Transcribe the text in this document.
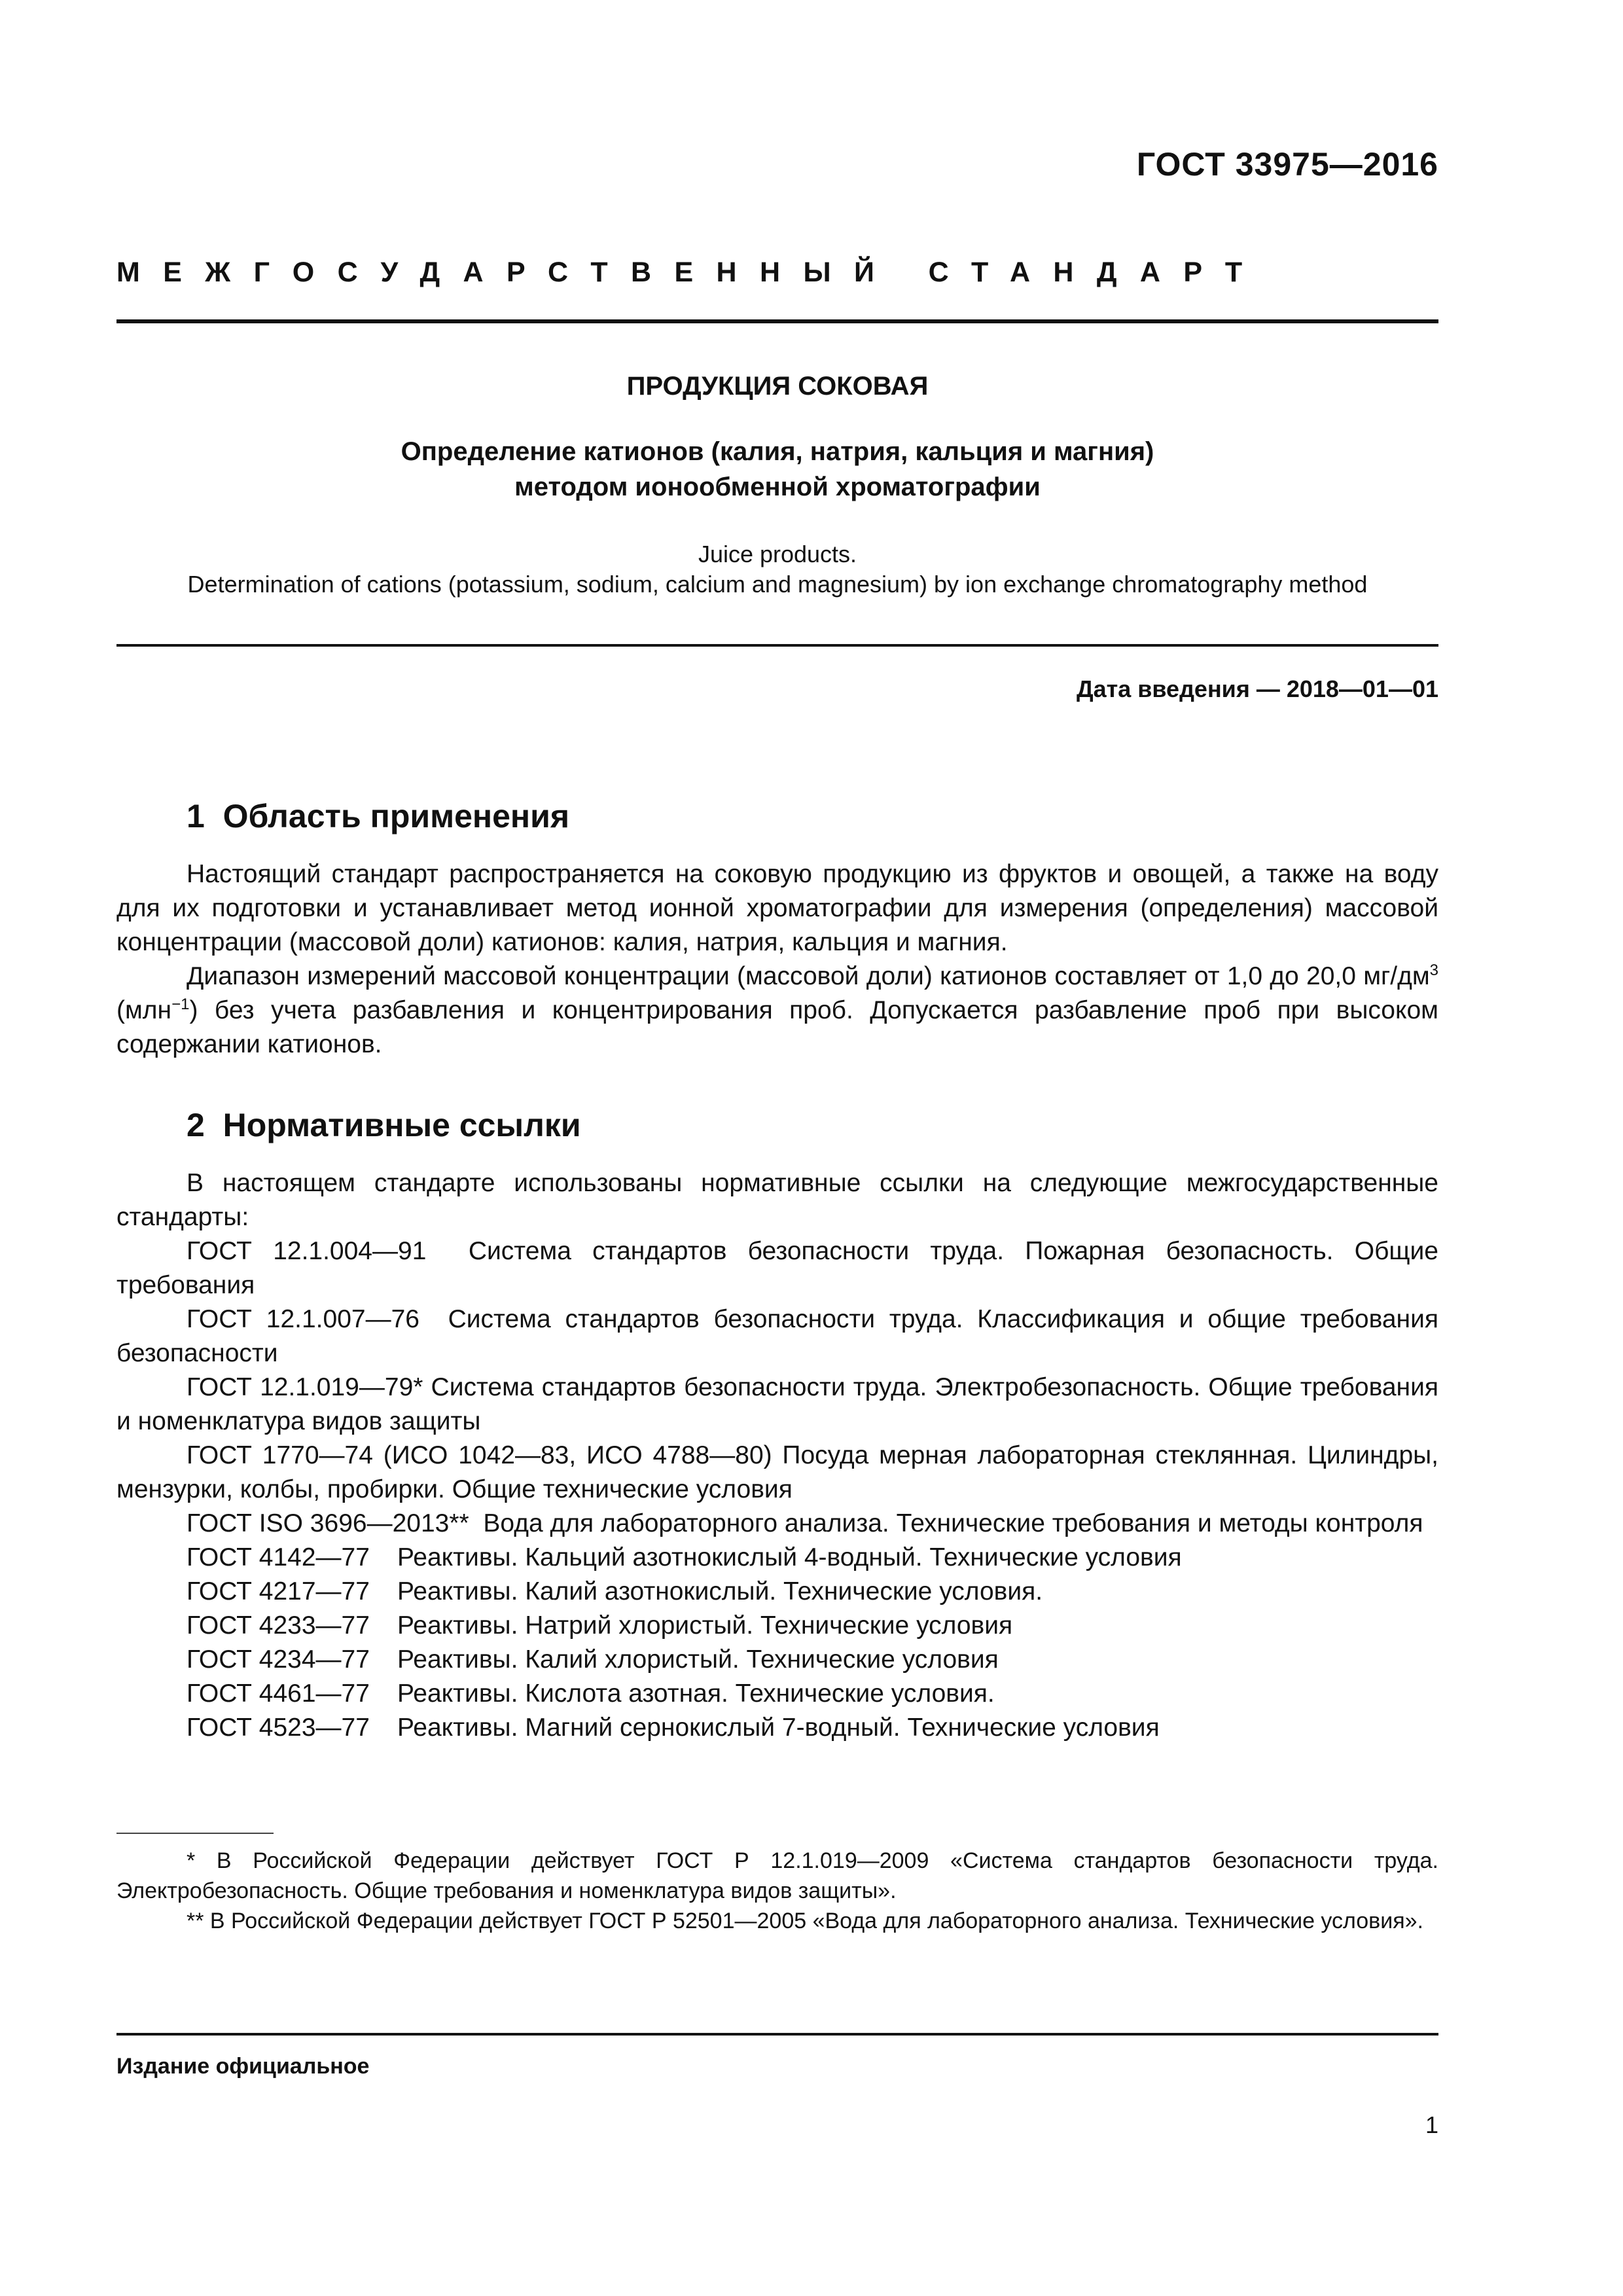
ГОСТ 33975—2016
МЕЖГОСУДАРСТВЕННЫЙ СТАНДАРТ
ПРОДУКЦИЯ СОКОВАЯ
Определение катионов (калия, натрия, кальция и магния)
методом ионообменной хроматографии
Juice products.
Determination of cations (potassium, sodium, calcium and magnesium) by ion exchange chromatography method
Дата введения — 2018—01—01
1  Область применения

Настоящий стандарт распространяется на соковую продукцию из фруктов и овощей, а также на воду для их подготовки и устанавливает метод ионной хроматографии для измерения (определения) массовой концентрации (массовой доли) катионов: калия, натрия, кальция и магния.

Диапазон измерений массовой концентрации (массовой доли) катионов составляет от 1,0 до 20,0 $мг/дм^3$ (млн$^{-1}$) без учета разбавления и концентрирования проб. Допускается разбавление проб при высоком содержании катионов.

2  Нормативные ссылки

В настоящем стандарте использованы нормативные ссылки на следующие межгосударственные стандарты:

ГОСТ 12.1.004—91  Система стандартов безопасности труда. Пожарная безопасность. Общие требования

ГОСТ 12.1.007—76  Система стандартов безопасности труда. Классификация и общие требования безопасности

ГОСТ 12.1.019—79* Система стандартов безопасности труда. Электробезопасность. Общие требования и номенклатура видов защиты

ГОСТ 1770—74 (ИСО 1042—83, ИСО 4788—80) Посуда мерная лабораторная стеклянная. Цилиндры, мензурки, колбы, пробирки. Общие технические условия

ГОСТ ISO 3696—2013**  Вода для лабораторного анализа. Технические требования и методы контроля

ГОСТ 4142—77 Реактивы. Кальций азотнокислый 4-водный. Технические условия

ГОСТ 4217—77 Реактивы. Калий азотнокислый. Технические условия.

ГОСТ 4233—77 Реактивы. Натрий хлористый. Технические условия

ГОСТ 4234—77 Реактивы. Калий хлористый. Технические условия

ГОСТ 4461—77 Реактивы. Кислота азотная. Технические условия.

ГОСТ 4523—77 Реактивы. Магний сернокислый 7-водный. Технические условия

* В Российской Федерации действует ГОСТ Р 12.1.019—2009 «Система стандартов безопасности труда. Электробезопасность. Общие требования и номенклатура видов защиты».

** В Российской Федерации действует ГОСТ Р 52501—2005 «Вода для лабораторного анализа. Технические условия».

Издание официальное
1
